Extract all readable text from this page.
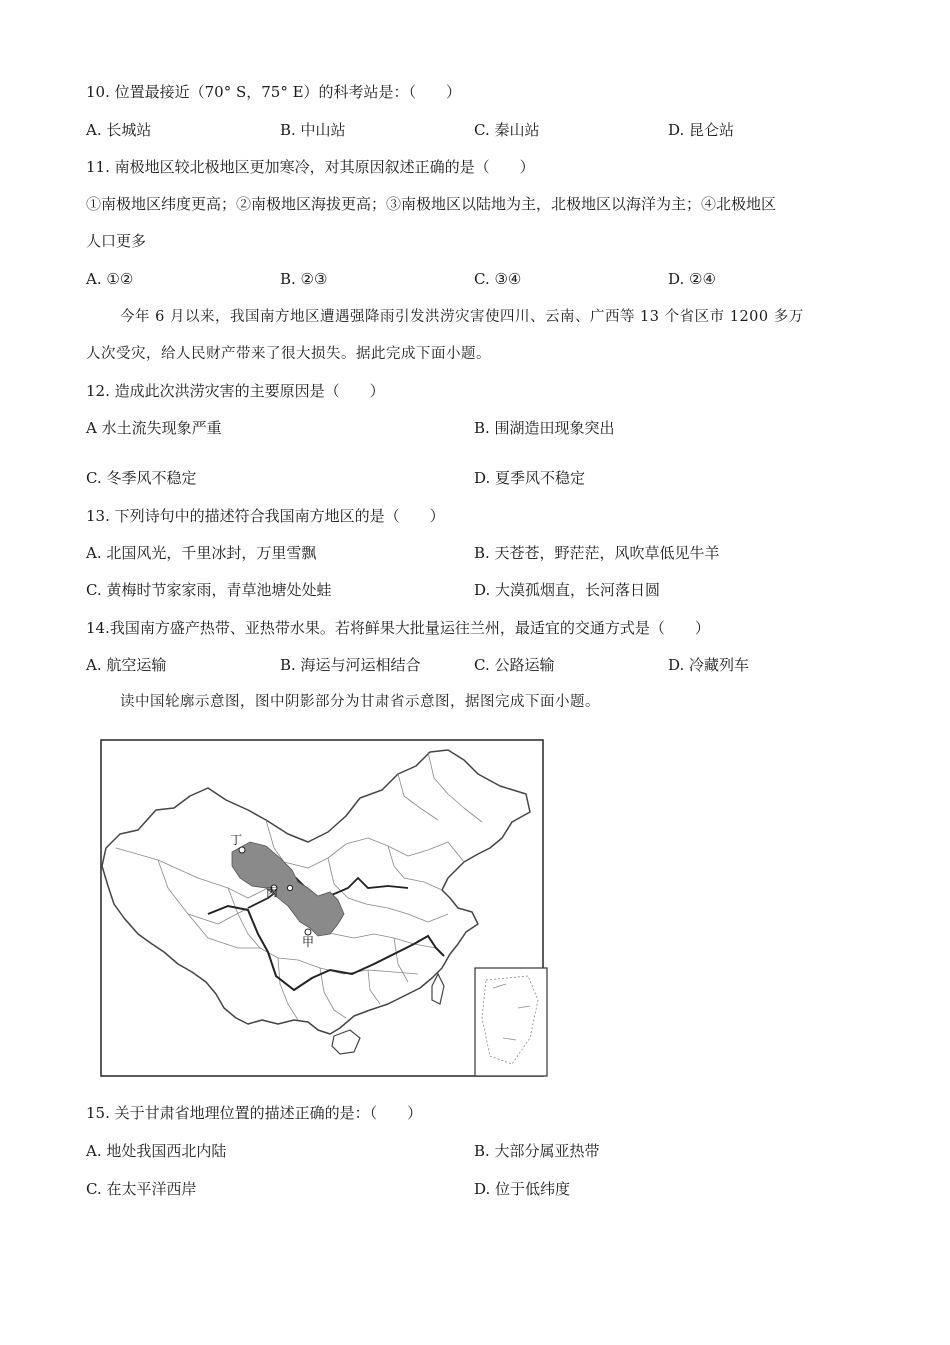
10. 位置最接近（70° S，75° E）的科考站是：（　　）
A. 长城站	B. 中山站	C. 秦山站	D. 昆仑站
11. 南极地区较北极地区更加寒冷，对其原因叙述正确的是（　　）
①南极地区纬度更高；②南极地区海拔更高；③南极地区以陆地为主，北极地区以海洋为主；④北极地区
人口更多
A. ①②	B. ②③	C. ③④	D. ②④
今年 6 月以来，我国南方地区遭遇强降雨引发洪涝灾害使四川、云南、广西等 13 个省区市 1200 多万
人次受灾，给人民财产带来了很大损失。据此完成下面小题。
12. 造成此次洪涝灾害的主要原因是（　　）
A 水土流失现象严重	B. 围湖造田现象突出
C. 冬季风不稳定	D. 夏季风不稳定
13. 下列诗句中的描述符合我国南方地区的是（　　）
A. 北国风光，千里冰封，万里雪飘	B. 天苍苍，野茫茫，风吹草低见牛羊
C. 黄梅时节家家雨，青草池塘处处蛙	D. 大漠孤烟直，长河落日圆
14.我国南方盛产热带、亚热带水果。若将鲜果大批量运往兰州，最适宜的交通方式是（　　）
A. 航空运输	B. 海运与河运相结合	C. 公路运输	D. 冷藏列车
读中国轮廓示意图，图中阴影部分为甘肃省示意图，据图完成下面小题。
丁
丙
甲
15. 关于甘肃省地理位置的描述正确的是：（　　）
A. 地处我国西北内陆	B. 大部分属亚热带
C. 在太平洋西岸	D. 位于低纬度
